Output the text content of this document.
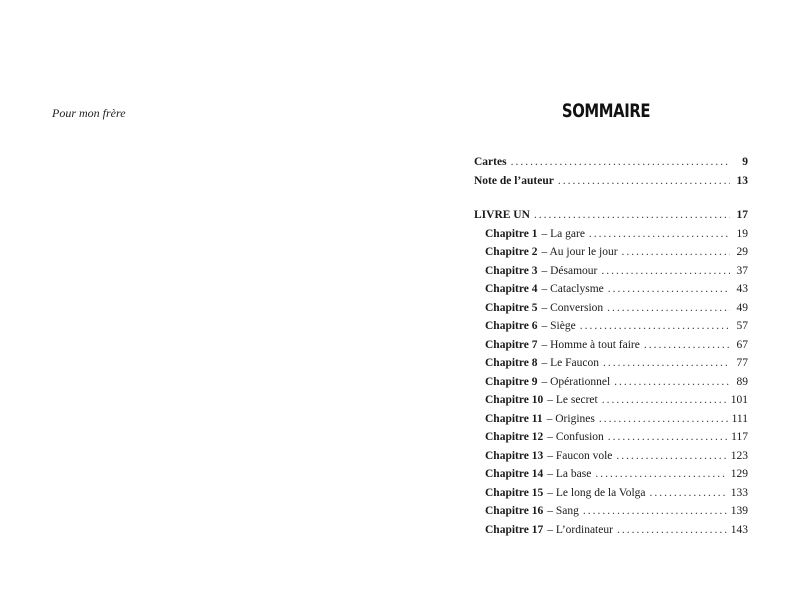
Pour mon frère	SOMMAIRE
Cartes .....	9
Note de l’auteur .....	13
LIVRE UN .....	17
Chapitre 1 – La gare .....	19
Chapitre 2 – Au jour le jour .....	29
Chapitre 3 – Désamour .....	37
Chapitre 4 – Cataclysme .....	43
Chapitre 5 – Conversion .....	49
Chapitre 6 – Siège .....	57
Chapitre 7 – Homme à tout faire .....	67
Chapitre 8 – Le Faucon .....	77
Chapitre 9 – Opérationnel .....	89
Chapitre 10 – Le secret .....	101
Chapitre 11 – Origines .....	111
Chapitre 12 – Confusion .....	117
Chapitre 13 – Faucon vole .....	123
Chapitre 14 – La base .....	129
Chapitre 15 – Le long de la Volga .....	133
Chapitre 16 – Sang .....	139
Chapitre 17 – L’ordinateur .....	143
